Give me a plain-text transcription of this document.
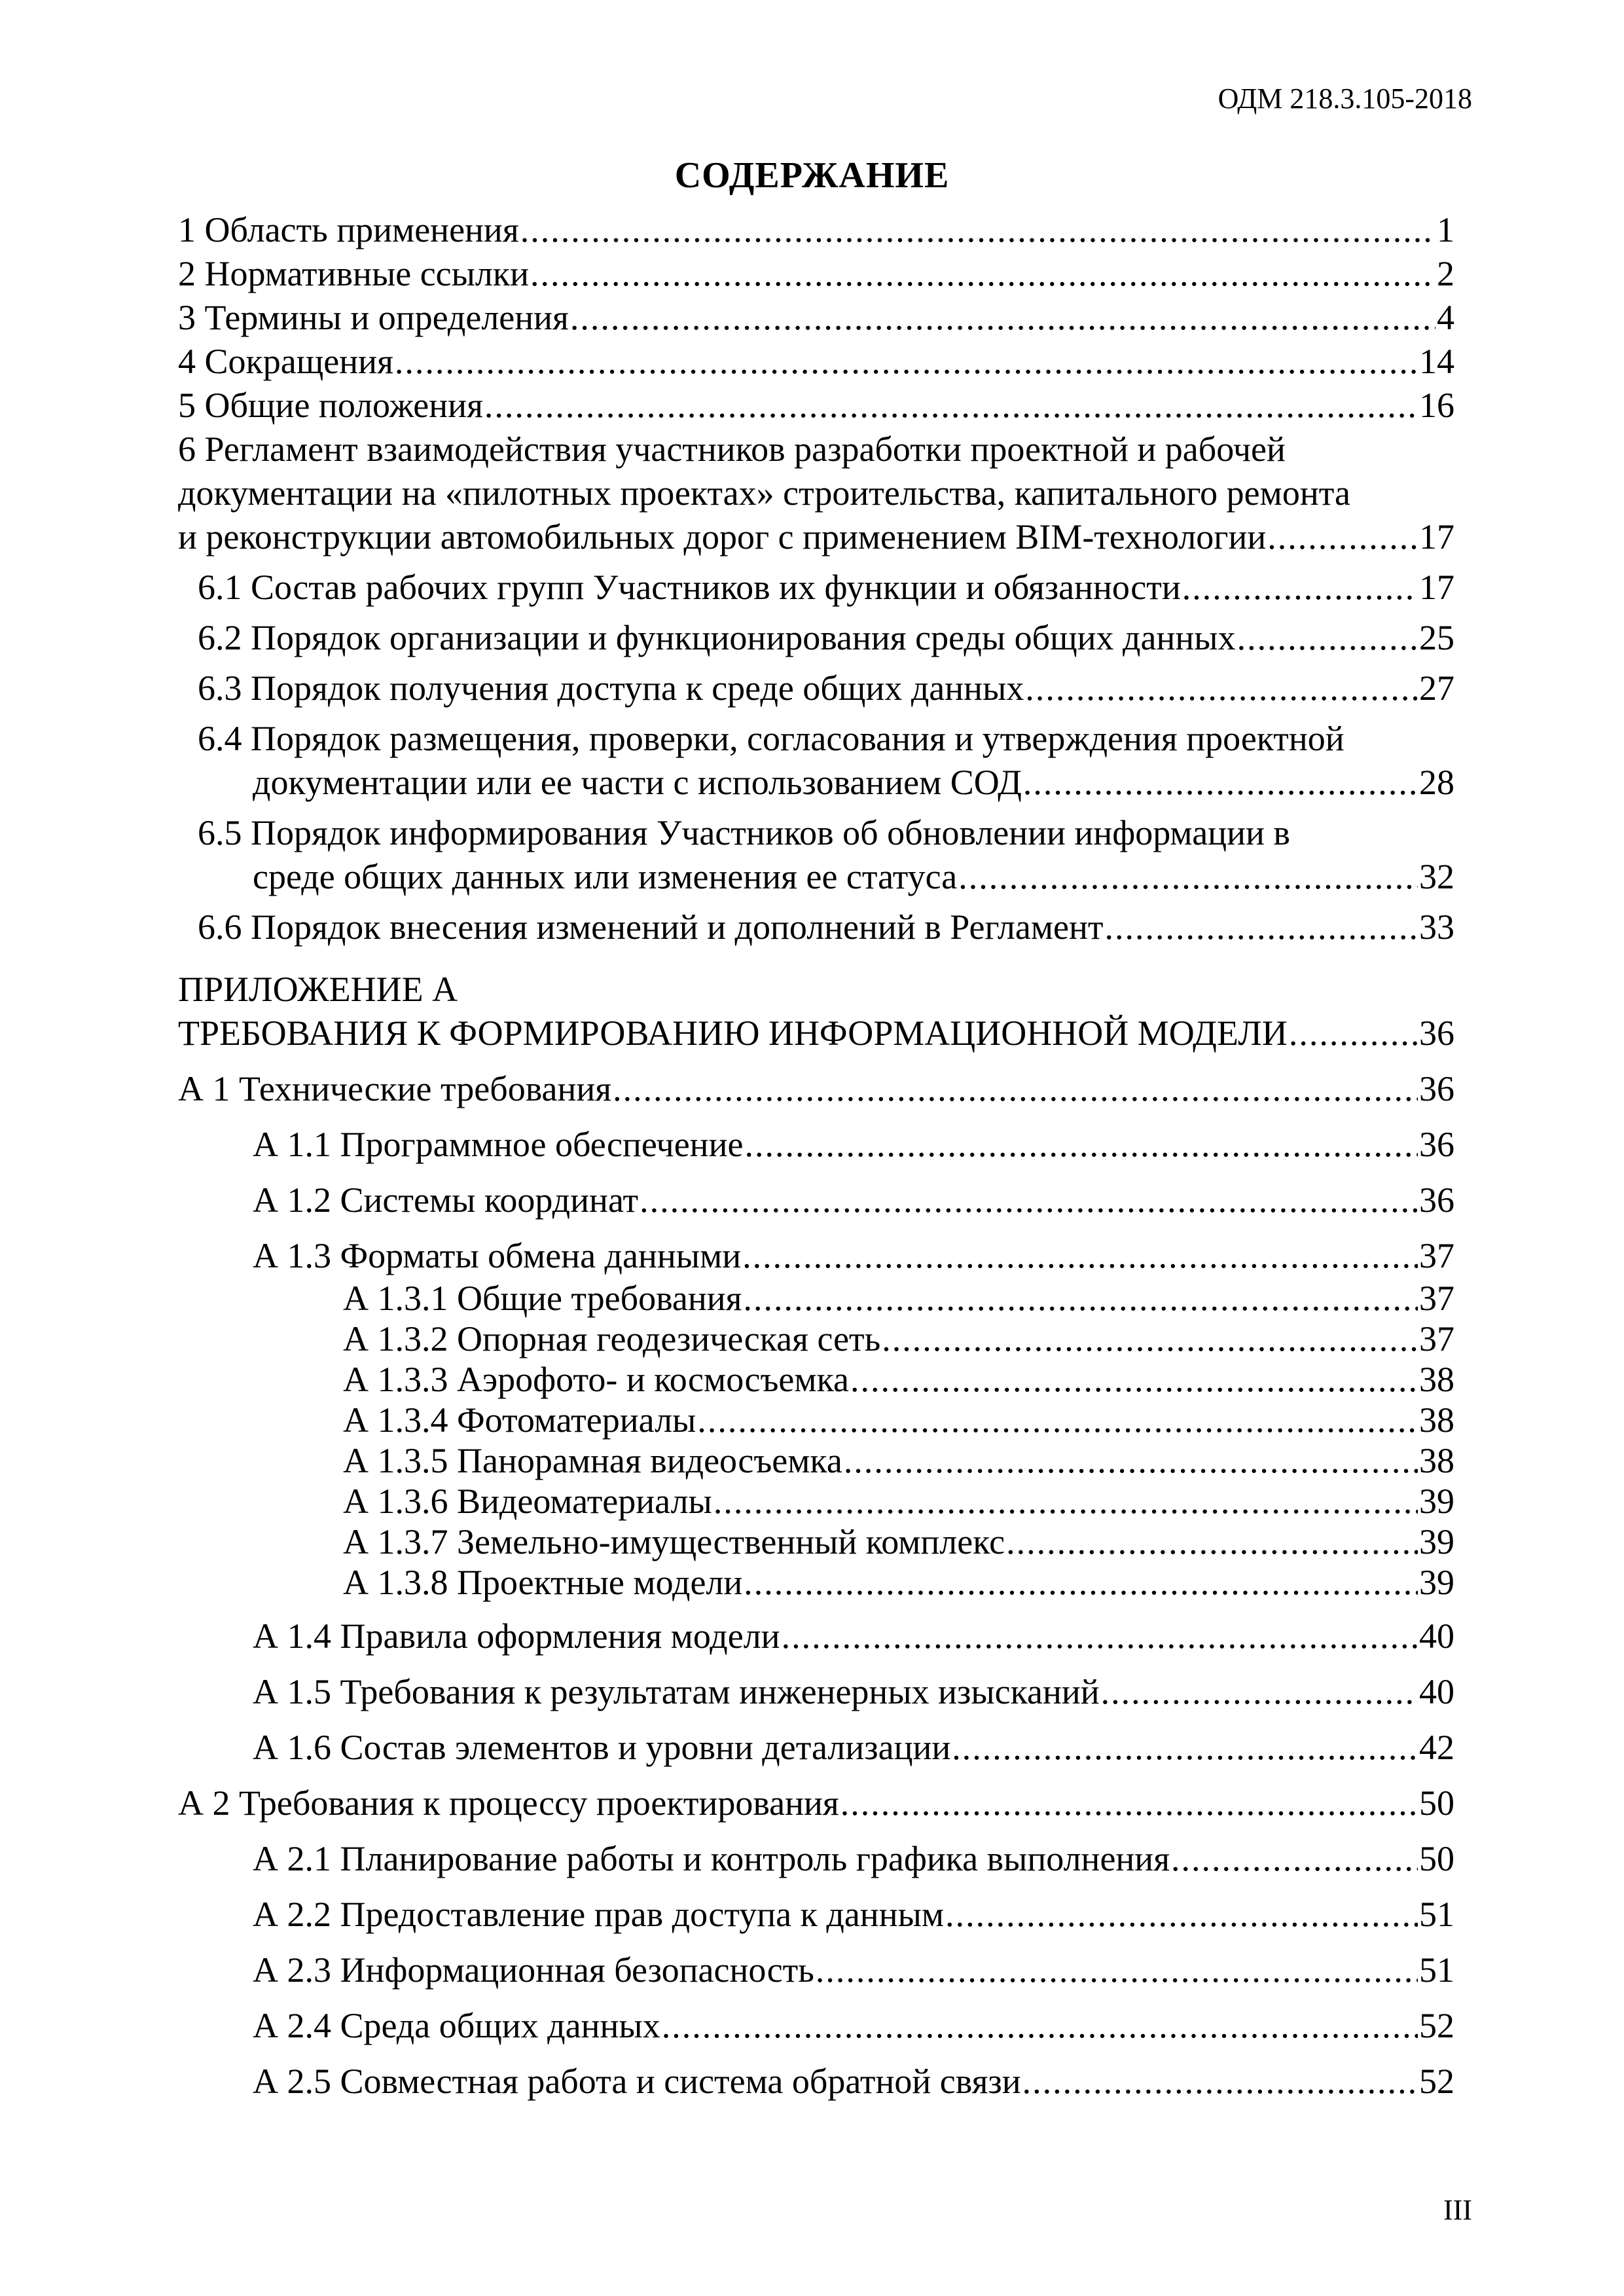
ОДМ 218.3.105-2018
СОДЕРЖАНИЕ
1 Область применения .....	1
2 Нормативные ссылки .....	2
3 Термины и определения .....	4
4 Сокращения .....	14
5 Общие положения .....	16
6 Регламент взаимодействия участников разработки проектной и рабочей
документации на «пилотных проектах» строительства, капитального ремонта
и реконструкции автомобильных дорог с применением BIM-технологии .....	17
6.1 Состав рабочих групп Участников их функции и обязанности .....	17
6.2 Порядок организации и функционирования среды общих данных .....	25
6.3 Порядок получения доступа к среде общих данных .....	27
6.4 Порядок размещения, проверки, согласования и утверждения проектной
документации или ее части с использованием СОД .....	28
6.5 Порядок информирования Участников об обновлении информации в
среде общих данных или изменения ее статуса .....	32
6.6 Порядок внесения изменений и дополнений в Регламент .....	33
ПРИЛОЖЕНИЕ А
ТРЕБОВАНИЯ К ФОРМИРОВАНИЮ ИНФОРМАЦИОННОЙ МОДЕЛИ .....	36
А 1 Технические требования .....	36
А 1.1 Программное обеспечение .....	36
А 1.2 Системы координат .....	36
А 1.3 Форматы обмена данными .....	37
А 1.3.1 Общие требования .....	37
А 1.3.2 Опорная геодезическая сеть .....	37
А 1.3.3 Аэрофото- и космосъемка .....	38
А 1.3.4 Фотоматериалы .....	38
А 1.3.5 Панорамная видеосъемка .....	38
А 1.3.6 Видеоматериалы .....	39
А 1.3.7 Земельно-имущественный комплекс .....	39
А 1.3.8 Проектные модели .....	39
А 1.4 Правила оформления модели .....	40
А 1.5 Требования к результатам инженерных изысканий .....	40
А 1.6 Состав элементов и уровни детализации .....	42
А 2 Требования к процессу проектирования .....	50
А 2.1 Планирование работы и контроль графика выполнения .....	50
А 2.2 Предоставление прав доступа к данным .....	51
А 2.3 Информационная безопасность .....	51
А 2.4 Среда общих данных .....	52
А 2.5 Совместная работа и система обратной связи .....	52
III
